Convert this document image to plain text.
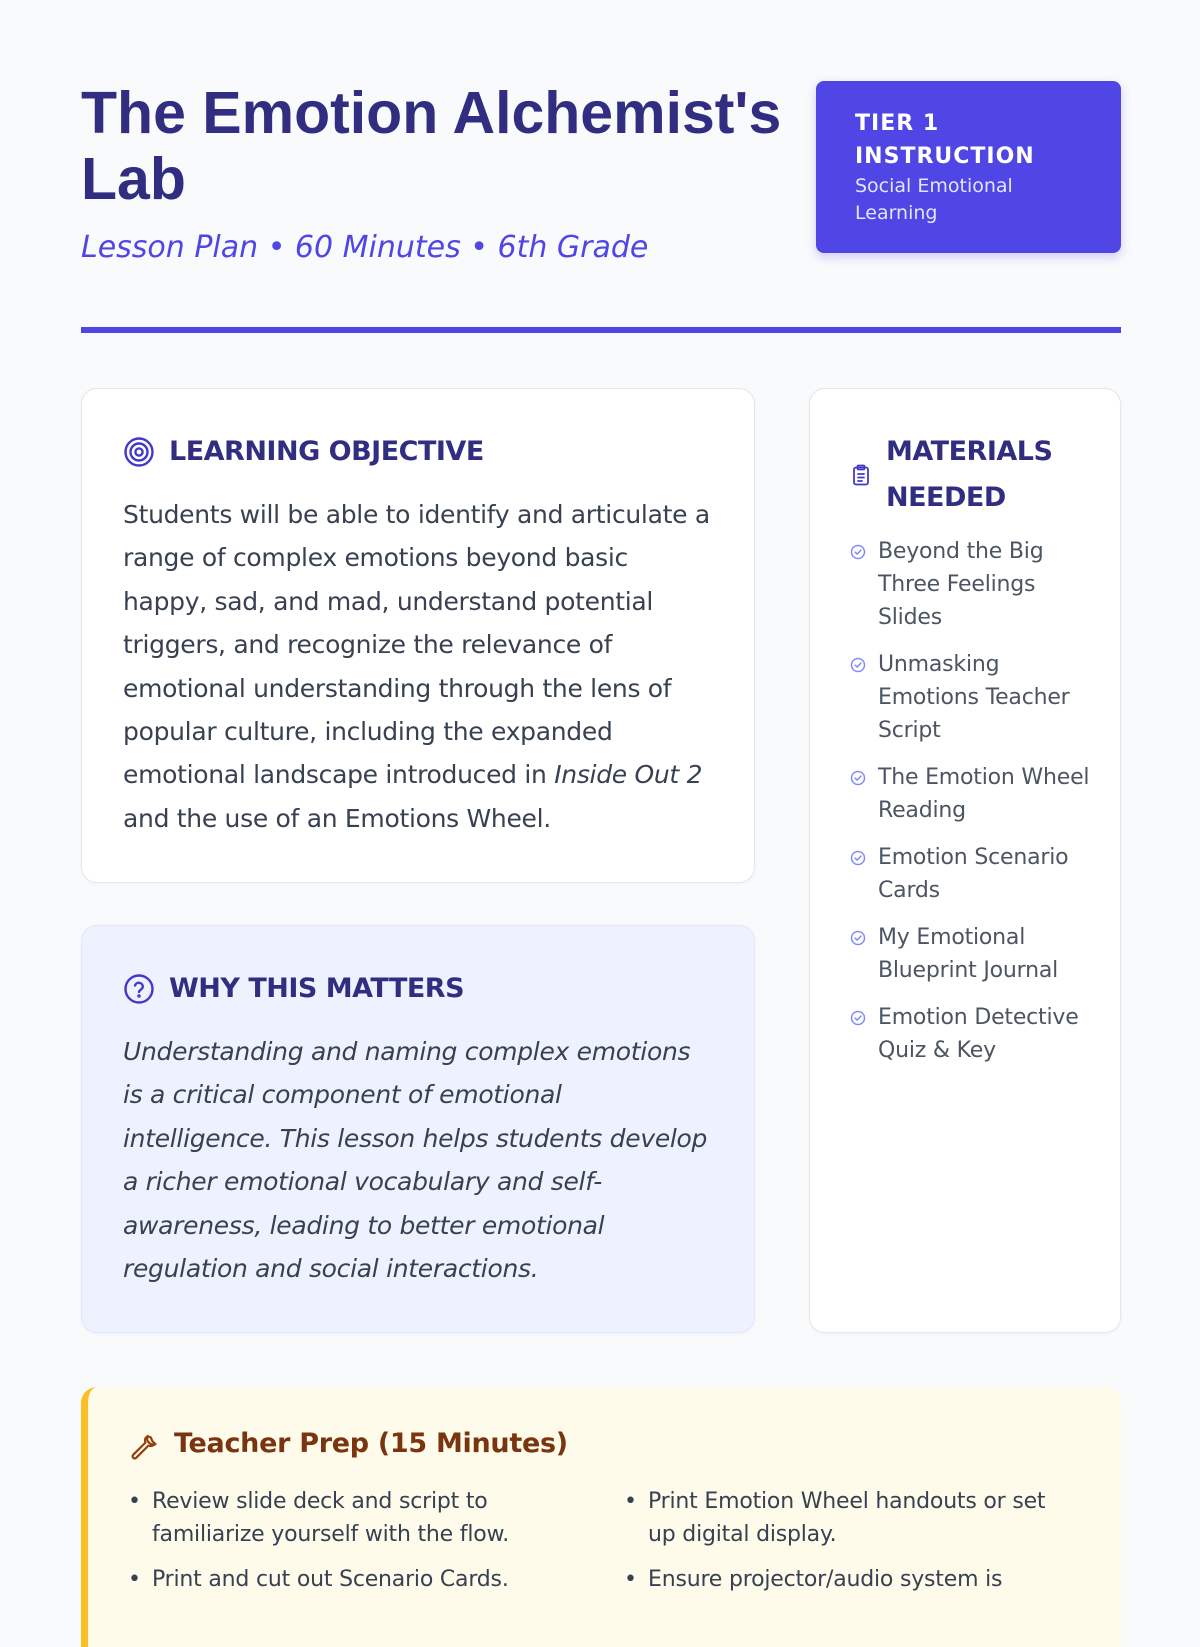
The Emotion Alchemist's Lab

Lesson Plan • 60 Minutes • 6th Grade

TIER 1 INSTRUCTION
Social Emotional Learning
LEARNING OBJECTIVE

Students will be able to identify and articulate a range of complex emotions beyond basic happy, sad, and mad, understand potential triggers, and recognize the relevance of emotional understanding through the lens of popular culture, including the expanded emotional landscape introduced in Inside Out 2 and the use of an Emotions Wheel.

WHY THIS MATTERS

Understanding and naming complex emotions is a critical component of emotional intelligence. This lesson helps students develop a richer emotional vocabulary and self-awareness, leading to better emotional regulation and social interactions.

MATERIALS NEEDED
Beyond the Big Three Feelings Slides
Unmasking Emotions Teacher Script
The Emotion Wheel Reading
Emotion Scenario Cards
My Emotional Blueprint Journal
Emotion Detective Quiz & Key
Teacher Prep (15 Minutes)
• Review slide deck and script to familiarize yourself with the flow.
• Print Emotion Wheel handouts or set up digital display.
• Print and cut out Scenario Cards.	• Ensure projector/audio system is
